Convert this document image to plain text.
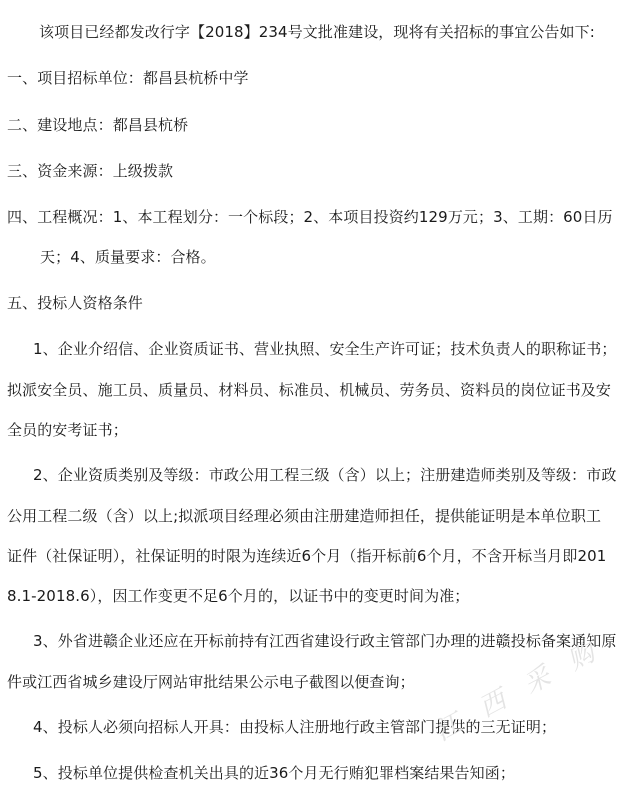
该项目已经都发改行字【2018】234号文批准建设，现将有关招标的事宜公告如下:
一、项目招标单位：都昌县杭桥中学
二、建设地点：都昌县杭桥
三、资金来源：上级拨款
四、工程概况：1、本工程划分：一个标段；2、本项目投资约129万元；3、工期：60日历
天；4、质量要求：合格。
五、投标人资格条件
1、企业介绍信、企业资质证书、营业执照、安全生产许可证；技术负责人的职称证书；
拟派安全员、施工员、质量员、材料员、标准员、机械员、劳务员、资料员的岗位证书及安
全员的安考证书；
2、企业资质类别及等级：市政公用工程三级（含）以上；注册建造师类别及等级：市政
公用工程二级（含）以上;拟派项目经理必须由注册建造师担任，提供能证明是本单位职工
证件（社保证明），社保证明的时限为连续近6个月（指开标前6个月，不含开标当月即201
8.1-2018.6），因工作变更不足6个月的，以证书中的变更时间为准；
3、外省进赣企业还应在开标前持有江西省建设行政主管部门办理的进赣投标备案通知原
件或江西省城乡建设厅网站审批结果公示电子截图以便查询；
4、投标人必须向招标人开具：由投标人注册地行政主管部门提供的三无证明；
5、投标单位提供检查机关出具的近36个月无行贿犯罪档案结果告知函；
江 西 采 购
